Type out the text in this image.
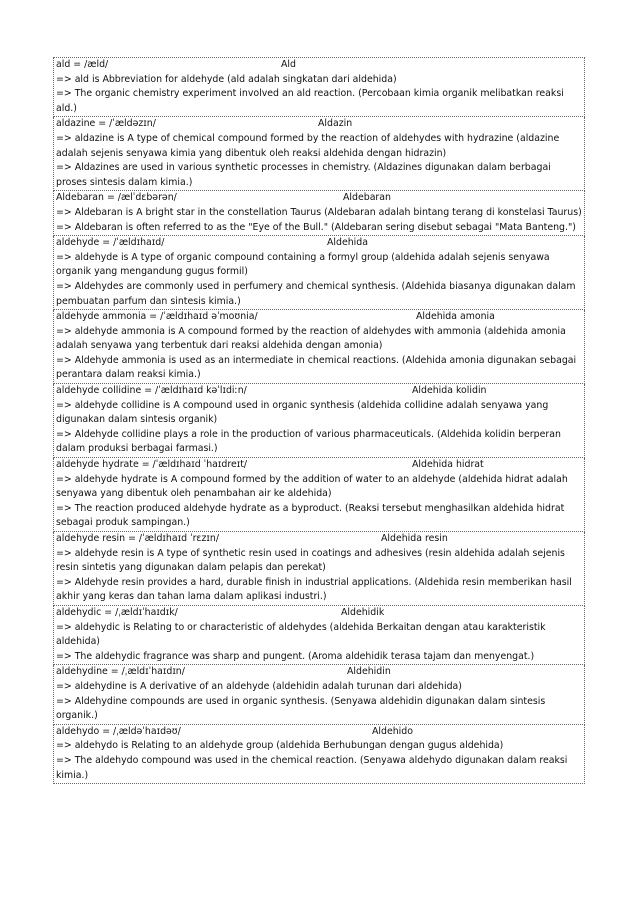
ald = /æld/	Ald
=> ald is Abbreviation for aldehyde (ald adalah singkatan dari aldehida)
=> The organic chemistry experiment involved an ald reaction. (Percobaan kimia organik melibatkan reaksi ald.)
aldazine = /ˈældəzɪn/	Aldazin
=> aldazine is A type of chemical compound formed by the reaction of aldehydes with hydrazine (aldazine adalah sejenis senyawa kimia yang dibentuk oleh reaksi aldehida dengan hidrazin)
=> Aldazines are used in various synthetic processes in chemistry. (Aldazines digunakan dalam berbagai proses sintesis dalam kimia.)
Aldebaran = /ælˈdɛbərən/	Aldebaran
=> Aldebaran is A bright star in the constellation Taurus (Aldebaran adalah bintang terang di konstelasi Taurus)
=> Aldebaran is often referred to as the "Eye of the Bull." (Aldebaran sering disebut sebagai "Mata Banteng.")
aldehyde = /ˈældɪhaɪd/	Aldehida
=> aldehyde is A type of organic compound containing a formyl group (aldehida adalah sejenis senyawa organik yang mengandung gugus formil)
=> Aldehydes are commonly used in perfumery and chemical synthesis. (Aldehida biasanya digunakan dalam pembuatan parfum dan sintesis kimia.)
aldehyde ammonia = /ˈældɪhaɪd əˈmoʊnia/	Aldehida amonia
=> aldehyde ammonia is A compound formed by the reaction of aldehydes with ammonia (aldehida amonia adalah senyawa yang terbentuk dari reaksi aldehida dengan amonia)
=> Aldehyde ammonia is used as an intermediate in chemical reactions. (Aldehida amonia digunakan sebagai perantara dalam reaksi kimia.)
aldehyde collidine = /ˈældɪhaɪd kəˈlɪdiːn/	Aldehida kolidin
=> aldehyde collidine is A compound used in organic synthesis (aldehida collidine adalah senyawa yang digunakan dalam sintesis organik)
=> Aldehyde collidine plays a role in the production of various pharmaceuticals. (Aldehida kolidin berperan dalam produksi berbagai farmasi.)
aldehyde hydrate = /ˈældɪhaɪd ˈhaɪdreɪt/	Aldehida hidrat
=> aldehyde hydrate is A compound formed by the addition of water to an aldehyde (aldehida hidrat adalah senyawa yang dibentuk oleh penambahan air ke aldehida)
=> The reaction produced aldehyde hydrate as a byproduct. (Reaksi tersebut menghasilkan aldehida hidrat sebagai produk sampingan.)
aldehyde resin = /ˈældɪhaɪd ˈrɛzɪn/	Aldehida resin
=> aldehyde resin is A type of synthetic resin used in coatings and adhesives (resin aldehida adalah sejenis resin sintetis yang digunakan dalam pelapis dan perekat)
=> Aldehyde resin provides a hard, durable finish in industrial applications. (Aldehida resin memberikan hasil akhir yang keras dan tahan lama dalam aplikasi industri.)
aldehydic = /ˌældɪˈhaɪdɪk/	Aldehidik
=> aldehydic is Relating to or characteristic of aldehydes (aldehida Berkaitan dengan atau karakteristik aldehida)
=> The aldehydic fragrance was sharp and pungent. (Aroma aldehidik terasa tajam dan menyengat.)
aldehydine = /ˌældɪˈhaɪdɪn/	Aldehidin
=> aldehydine is A derivative of an aldehyde (aldehidin adalah turunan dari aldehida)
=> Aldehydine compounds are used in organic synthesis. (Senyawa aldehidin digunakan dalam sintesis organik.)
aldehydo = /ˌældəˈhaɪdəʊ/	Aldehido
=> aldehydo is Relating to an aldehyde group (aldehida Berhubungan dengan gugus aldehida)
=> The aldehydo compound was used in the chemical reaction. (Senyawa aldehydo digunakan dalam reaksi kimia.)
